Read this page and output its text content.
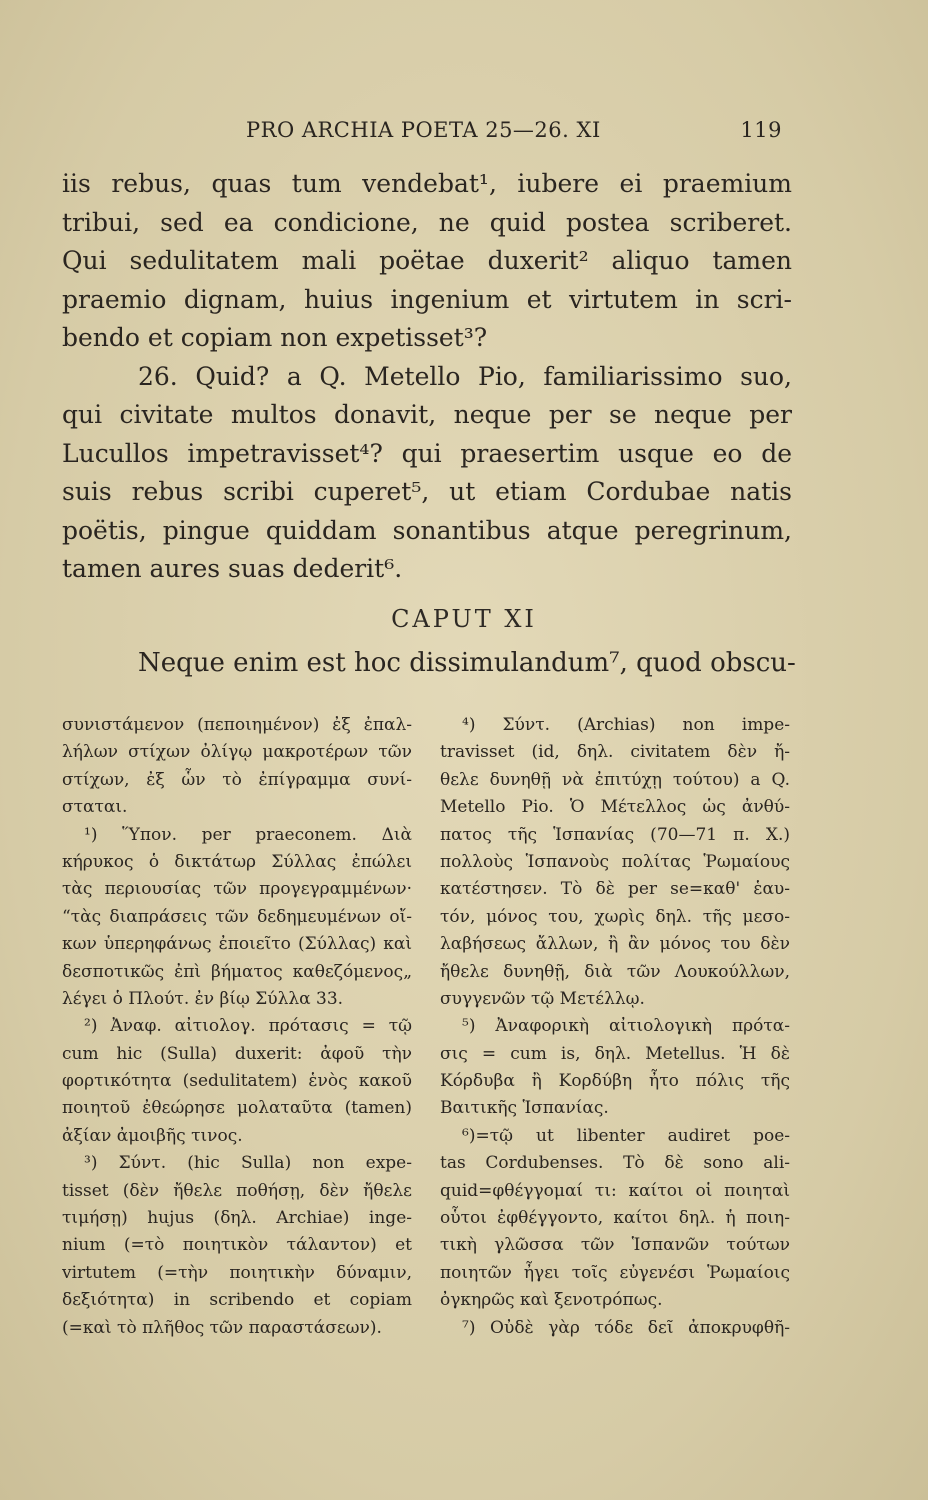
PRO ARCHIA POETA 25—26. XI	119
iis rebus, quas tum vendebat¹, iubere ei praemium
tribui, sed ea condicione, ne quid postea scriberet.
Qui sedulitatem mali poëtae duxerit² aliquo tamen
praemio dignam, huius ingenium et virtutem in scri-
bendo et copiam non expetisset³?
26. Quid? a Q. Metello Pio, familiarissimo suo,
qui civitate multos donavit, neque per se neque per
Lucullos impetravisset⁴? qui praesertim usque eo de
suis rebus scribi cuperet⁵, ut etiam Cordubae natis
poëtis, pingue quiddam sonantibus atque peregrinum,
tamen aures suas dederit⁶.
CAPUT XI
Neque enim est hoc dissimulandum⁷, quod obscu-
συνιστάμενον (πεποιημένον) ἐξ ἐπαλ-
λήλων στίχων ὀλίγῳ μακροτέρων τῶν
στίχων, ἐξ ὧν τὸ ἐπίγραμμα συνί-
σταται.
¹) Ὕπον. per praeconem. Διὰ
κήρυκος ὁ δικτάτωρ Σύλλας ἐπώλει
τὰς περιουσίας τῶν προγεγραμμένων·
“τὰς διαπράσεις τῶν δεδημευμένων οἴ-
κων ὑπερηφάνως ἐποιεῖτο (Σύλλας) καὶ
δεσποτικῶς ἐπὶ βήματος καθεζόμενος„
λέγει ὁ Πλούτ. ἐν βίῳ Σύλλα 33.
²) Ἀναφ. αἰτιολογ. πρότασις = τῷ
cum hic (Sulla) duxerit: ἀφοῦ τὴν
φορτικότητα (sedulitatem) ἑνὸς κακοῦ
ποιητοῦ ἐθεώρησε μολαταῦτα (tamen)
ἀξίαν ἀμοιβῆς τινος.
³) Σύντ. (hic Sulla) non expe-
tisset (δὲν ἤθελε ποθήσῃ, δὲν ἤθελε
τιμήσῃ) hujus (δηλ. Archiae) inge-
nium (=τὸ ποιητικὸν τάλαντον) et
virtutem (=τὴν ποιητικὴν δύναμιν,
δεξιότητα) in scribendo et copiam
(=καὶ τὸ πλῆθος τῶν παραστάσεων).
⁴) Σύντ. (Archias) non impe-
travisset (id, δηλ. civitatem δὲν ἤ-
θελε δυνηθῇ νὰ ἐπιτύχῃ τούτου) a Q.
Metello Pio. Ὁ Μέτελλος ὡς ἀνθύ-
πατος τῆς Ἱσπανίας (70—71 π. Χ.)
πολλοὺς Ἱσπανοὺς πολίτας Ῥωμαίους
κατέστησεν. Τὸ δὲ per se=καθ' ἑαυ-
τόν, μόνος του, χωρὶς δηλ. τῆς μεσο-
λαβήσεως ἄλλων, ἢ ἂν μόνος του δὲν
ἤθελε δυνηθῇ, διὰ τῶν Λουκούλλων,
συγγενῶν τῷ Μετέλλῳ.
⁵) Ἀναφορικὴ αἰτιολογικὴ πρότα-
σις = cum is, δηλ. Metellus. Ἡ δὲ
Κόρδυβα ἢ Κορδύβη ἦτο πόλις τῆς
Βαιτικῆς Ἱσπανίας.
⁶)=τῷ ut libenter audiret poe-
tas Cordubenses. Τὸ δὲ sono ali-
quid=φθέγγομαί τι: καίτοι οἱ ποιηταὶ
οὗτοι ἐφθέγγοντο, καίτοι δηλ. ἡ ποιη-
τικὴ γλῶσσα τῶν Ἱσπανῶν τούτων
ποιητῶν ἦγει τοῖς εὐγενέσι Ῥωμαίοις
ὀγκηρῶς καὶ ξενοτρόπως.
⁷) Οὐδὲ γὰρ τόδε δεῖ ἀποκρυφθῆ-
